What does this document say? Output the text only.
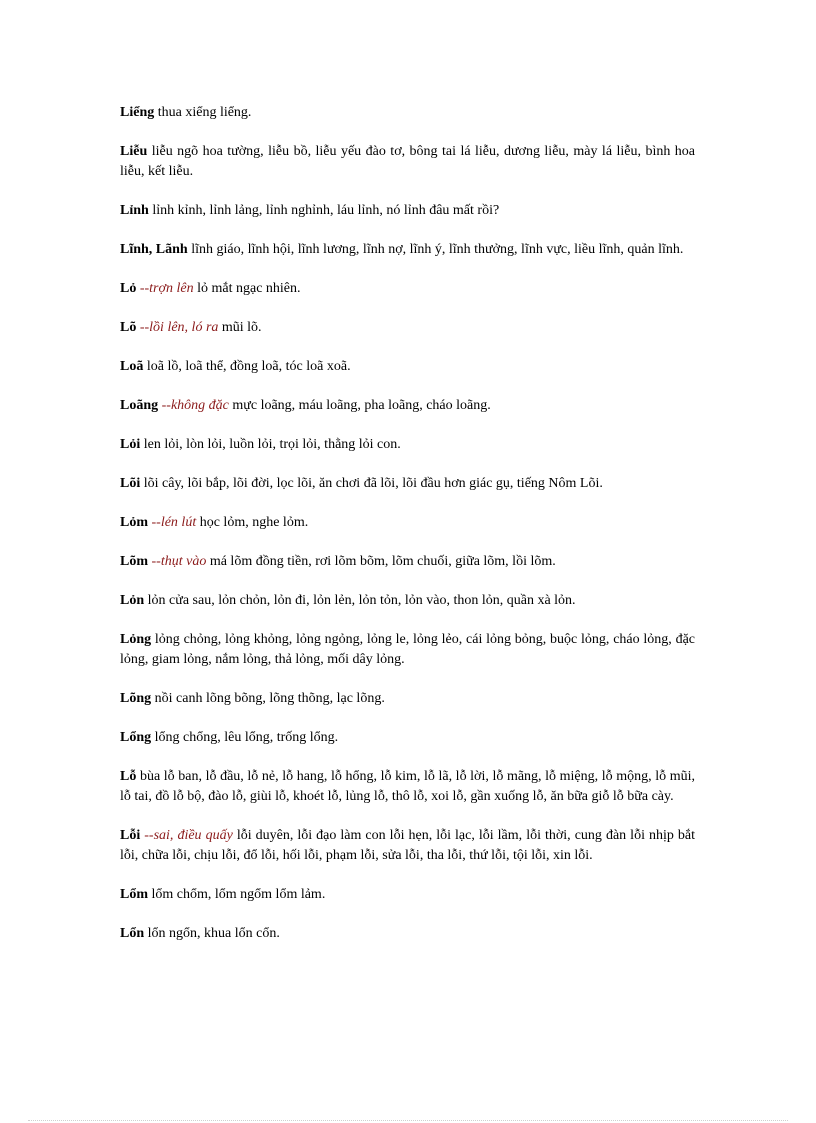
Liểng thua xiểng liểng.

Liễu liễu ngõ hoa tường, liễu bồ, liễu yếu đào tơ, bông tai lá liễu, dương liễu, mày lá liễu, bình hoa liễu, kết liễu.

Lỉnh lỉnh kỉnh, lỉnh lảng, lỉnh nghỉnh, láu lỉnh, nó lỉnh đâu mất rồi?

Lĩnh, Lãnh lĩnh giáo, lĩnh hội, lĩnh lương, lĩnh nợ, lĩnh ý, lĩnh thưởng, lĩnh vực, liều lĩnh, quản lĩnh.

Lỏ --trợn lên lỏ mắt ngạc nhiên.

Lõ --lồi lên, ló ra mũi lõ.

Loã loã lồ, loã thể, đồng loã, tóc loã xoã.

Loãng --không đặc mực loãng, máu loãng, pha loãng, cháo loãng.

Lỏi len lỏi, lòn lỏi, luồn lỏi, trọi lỏi, thằng lỏi con.

Lõi lõi cây, lõi bắp, lõi đời, lọc lõi, ăn chơi đã lõi, lõi đầu hơn giác gụ, tiếng Nôm Lõi.

Lỏm --lén lút học lỏm, nghe lỏm.

Lõm --thụt vào má lõm đồng tiền, rơi lõm bõm, lõm chuối, giữa lõm, lồi lõm.

Lỏn lỏn cửa sau, lỏn chỏn, lỏn đi, lỏn lẻn, lỏn tỏn, lỏn vào, thon lỏn, quần xà lỏn.

Lỏng lỏng chỏng, lỏng khỏng, lỏng ngỏng, lỏng le, lỏng lẻo, cái lỏng bỏng, buộc lỏng, cháo lỏng, đặc lỏng, giam lỏng, nắm lỏng, thả lỏng, mối dây lỏng.

Lõng nồi canh lõng bõng, lõng thõng, lạc lõng.

Lổng lổng chổng, lêu lổng, trống lổng.

Lỗ bùa lỗ ban, lỗ đầu, lỗ nẻ, lỗ hang, lỗ hổng, lỗ kim, lỗ lã, lỗ lời, lỗ mãng, lỗ miệng, lỗ mộng, lỗ mũi, lỗ tai, đồ lỗ bộ, đào lỗ, giùi lỗ, khoét lỗ, lủng lỗ, thô lỗ, xoi lỗ, gần xuống lỗ, ăn bữa giỗ lỗ bữa cày.

Lỗi --sai, điều quấy lỗi duyên, lỗi đạo làm con lỗi hẹn, lỗi lạc, lỗi lầm, lỗi thời, cung đàn lỗi nhịp bắt lỗi, chữa lỗi, chịu lỗi, đổ lỗi, hối lỗi, phạm lỗi, sửa lỗi, tha lỗi, thứ lỗi, tội lỗi, xin lỗi.

Lổm lổm chổm, lổm ngổm lổm lảm.

Lổn lổn ngổn, khua lổn cổn.
